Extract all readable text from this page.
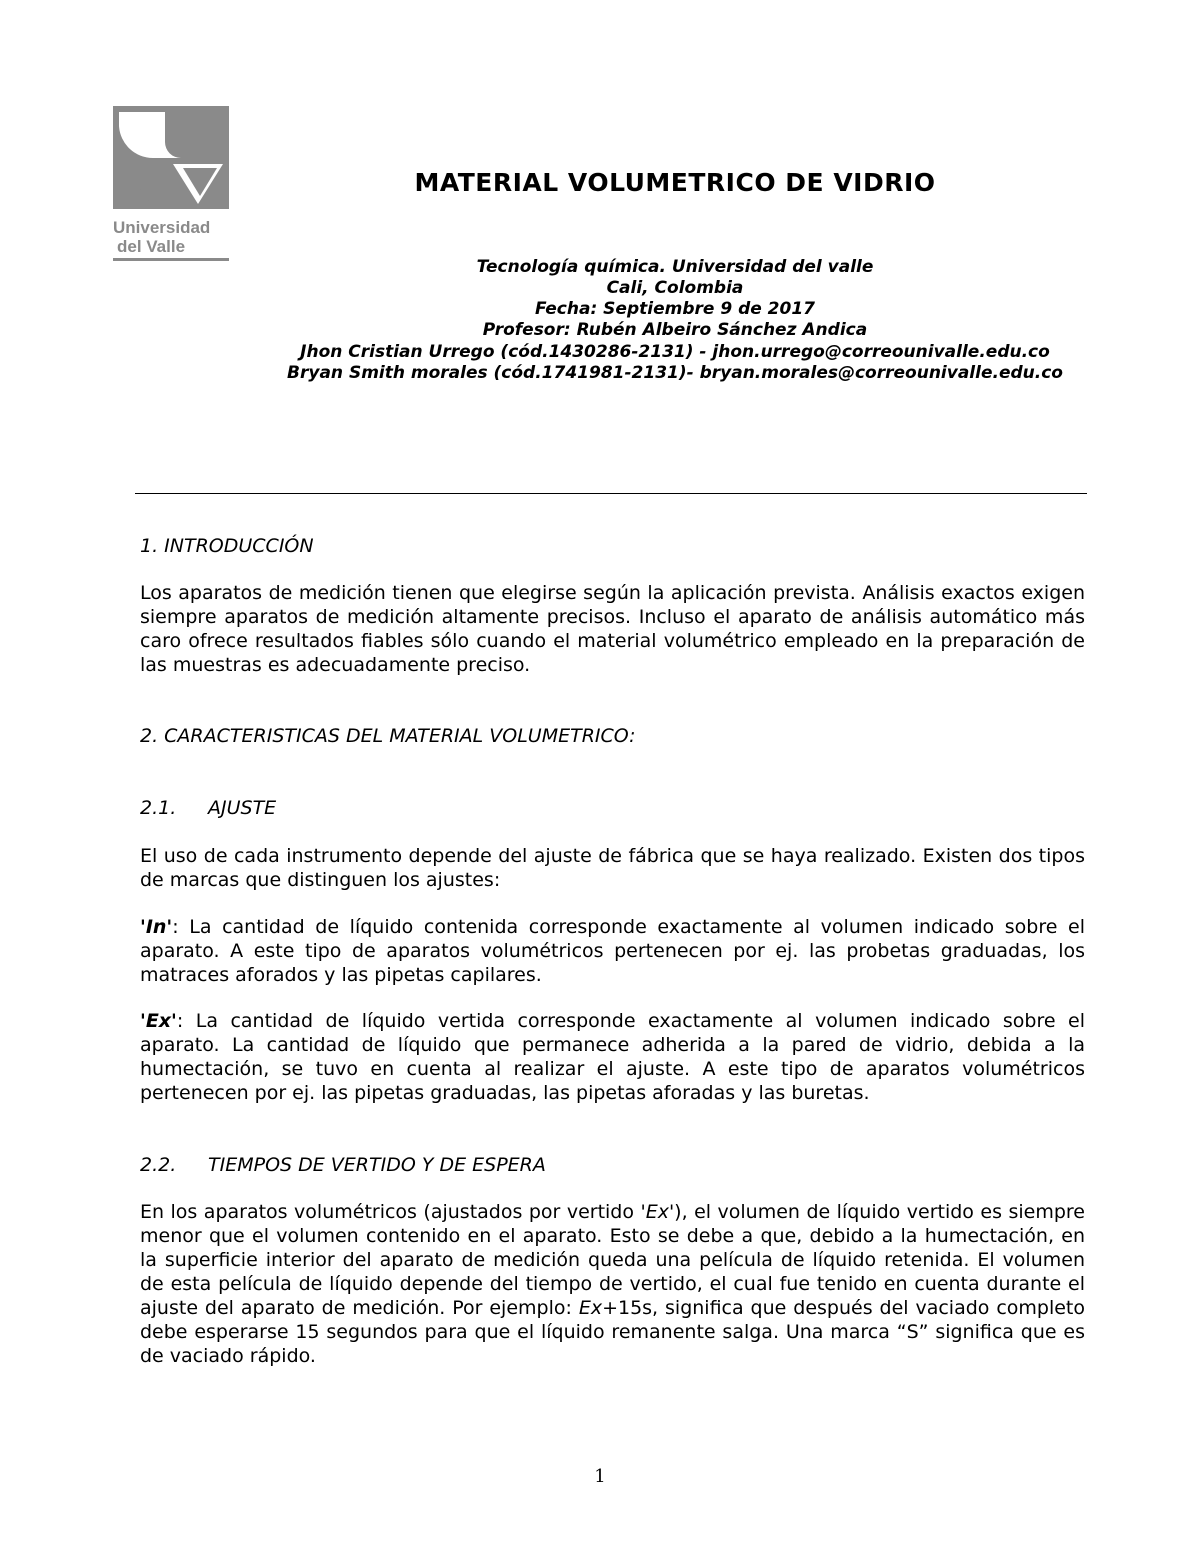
Universidad
del Valle
MATERIAL VOLUMETRICO DE VIDRIO
Tecnología química. Universidad del valle
Cali, Colombia
Fecha: Septiembre 9 de 2017
Profesor: Rubén Albeiro Sánchez Andica
Jhon Cristian Urrego (cód.1430286-2131) - jhon.urrego@correounivalle.edu.co
Bryan Smith morales (cód.1741981-2131)- bryan.morales@correounivalle.edu.co
1. INTRODUCCIÓN
Los aparatos de medición tienen que elegirse según la aplicación prevista. Análisis exactos exigen siempre aparatos de medición altamente precisos. Incluso el aparato de análisis automático más caro ofrece resultados fiables sólo cuando el material volumétrico empleado en la preparación de las muestras es adecuadamente preciso.
2. CARACTERISTICAS DEL MATERIAL VOLUMETRICO:
2.1. AJUSTE
El uso de cada instrumento depende del ajuste de fábrica que se haya realizado. Existen dos tipos de marcas que distinguen los ajustes:
'In': La cantidad de líquido contenida corresponde exactamente al volumen indicado sobre el aparato. A este tipo de aparatos volumétricos pertenecen por ej. las probetas graduadas, los matraces aforados y las pipetas capilares.
'Ex': La cantidad de líquido vertida corresponde exactamente al volumen indicado sobre el aparato. La cantidad de líquido que permanece adherida a la pared de vidrio, debida a la humectación, se tuvo en cuenta al realizar el ajuste. A este tipo de aparatos volumétricos pertenecen por ej. las pipetas graduadas, las pipetas aforadas y las buretas.
2.2. TIEMPOS DE VERTIDO Y DE ESPERA
En los aparatos volumétricos (ajustados por vertido 'Ex'), el volumen de líquido vertido es siempre menor que el volumen contenido en el aparato. Esto se debe a que, debido a la humectación, en la superficie interior del aparato de medición queda una película de líquido retenida. El volumen de esta película de líquido depende del tiempo de vertido, el cual fue tenido en cuenta durante el ajuste del aparato de medición. Por ejemplo: Ex+15s, significa que después del vaciado completo debe esperarse 15 segundos para que el líquido remanente salga. Una marca “S” significa que es de vaciado rápido.
1
